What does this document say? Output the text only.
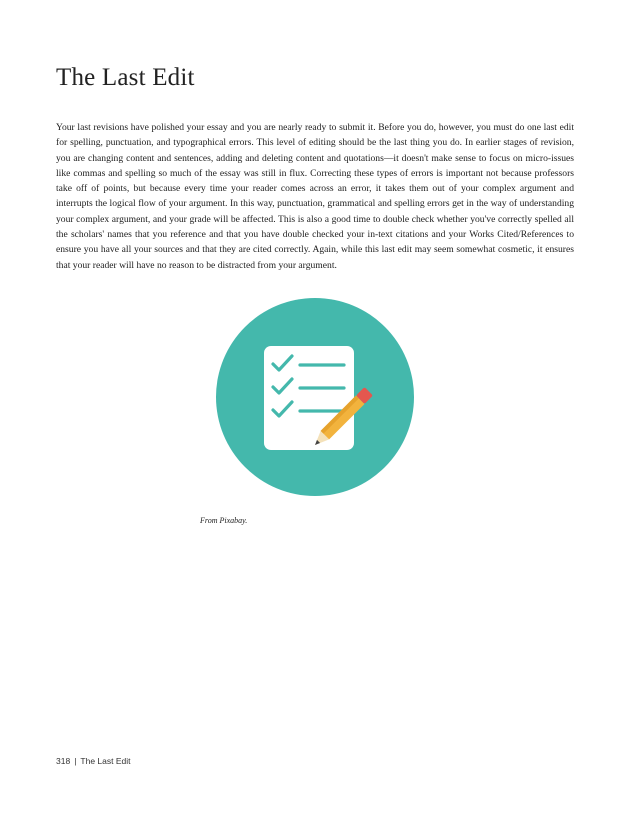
The Last Edit

Your last revisions have polished your essay and you are nearly ready to submit it. Before you do, however, you must do one last edit for spelling, punctuation, and typographical errors. This level of editing should be the last thing you do. In earlier stages of revision, you are changing content and sentences, adding and deleting content and quotations—it doesn't make sense to focus on micro-issues like commas and spelling so much of the essay was still in flux. Correcting these types of errors is important not because professors take off of points, but because every time your reader comes across an error, it takes them out of your complex argument and interrupts the logical flow of your argument. In this way, punctuation, grammatical and spelling errors get in the way of understanding your complex argument, and your grade will be affected. This is also a good time to double check whether you've correctly spelled all the scholars' names that you reference and that you have double checked your in-text citations and your Works Cited/References to ensure you have all your sources and that they are cited correctly. Again, while this last edit may seem somewhat cosmetic, it ensures that your reader will have no reason to be distracted from your argument.

From Pixabay.
318 | The Last Edit
